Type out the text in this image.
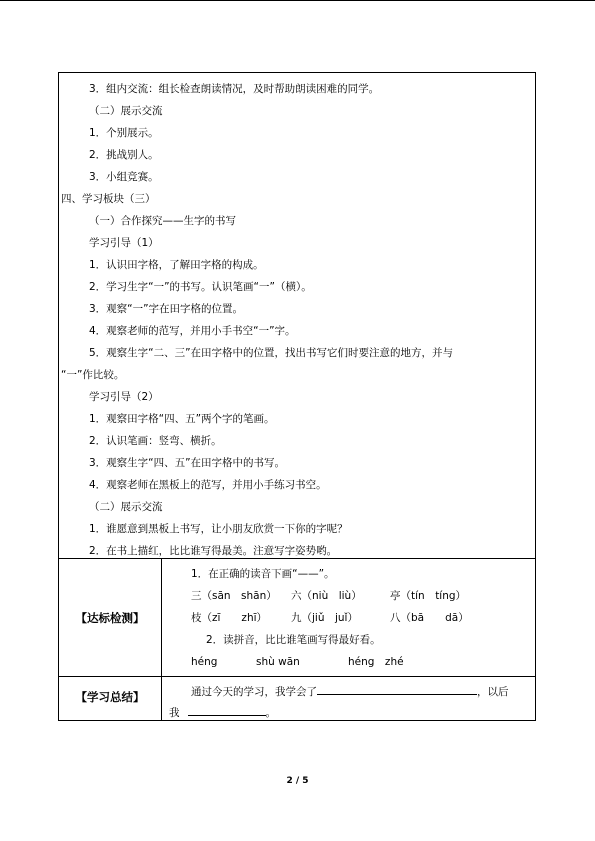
3．组内交流：组长检查朗读情况，及时帮助朗读困难的同学。
（二）展示交流
1．个别展示。
2．挑战别人。
3．小组竞赛。
四、学习板块（三）
（一）合作探究——生字的书写
学习引导（1）
1．认识田字格，了解田字格的构成。
2．学习生字“一”的书写。认识笔画“一”（横）。
3．观察“一”字在田字格的位置。
4．观察老师的范写，并用小手书空“一”字。
5．观察生字“二、三”在田字格中的位置，找出书写它们时要注意的地方，并与
“一”作比较。
学习引导（2）
1．观察田字格“四、五”两个字的笔画。
2．认识笔画：竖弯、横折。
3．观察生字“四、五”在田字格中的书写。
4．观察老师在黑板上的范写，并用小手练习书空。
（二）展示交流
1．谁愿意到黑板上书写，让小朋友欣赏一下你的字呢？
2．在书上描红，比比谁写得最美。注意写字姿势哟。
【达标检测】
1．在正确的读音下画“——”。
三（sān　shān） 六（niù　liù）	亭（tín　tíng）
枝（zī　　zhī） 九（jiǔ　juǐ）	八（bā　　dā）
2．读拼音，比比谁笔画写得最好看。
héng	shù wān	héng　zhé
【学习总结】	通过今天的学习，我学会了	，以后
我	。
2 / 5
